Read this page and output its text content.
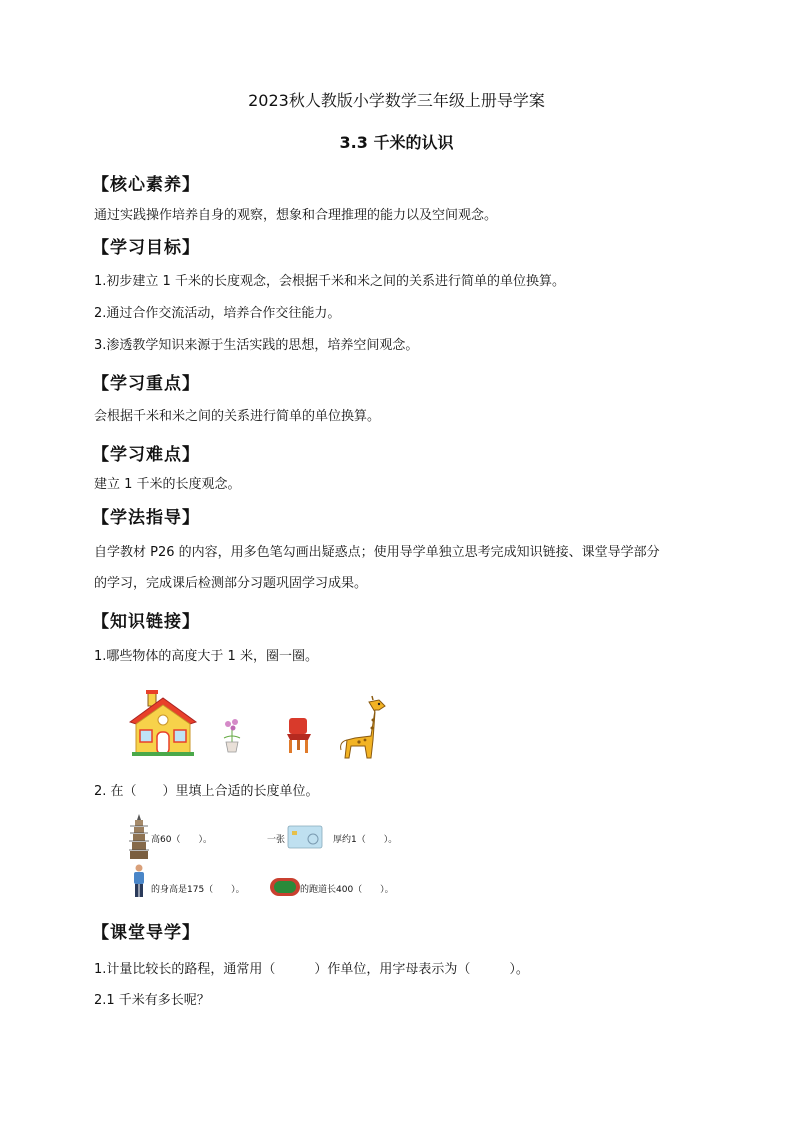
2023秋人教版小学数学三年级上册导学案
3.3 千米的认识
【核心素养】
通过实践操作培养自身的观察，想象和合理推理的能力以及空间观念。
【学习目标】
1.初步建立 1 千米的长度观念，会根据千米和米之间的关系进行简单的单位换算。
2.通过合作交流活动，培养合作交往能力。
3.渗透教学知识来源于生活实践的思想，培养空间观念。
【学习重点】
会根据千米和米之间的关系进行简单的单位换算。
【学习难点】
建立 1 千米的长度观念。
【学法指导】
自学教材 P26 的内容，用多色笔勾画出疑惑点；使用导学单独立思考完成知识链接、课堂导学部分
的学习，完成课后检测部分习题巩固学习成果。
【知识链接】
1.哪些物体的高度大于 1 米，圈一圈。
2. 在（　　）里填上合适的长度单位。
高60（　　）。	一张	厚约1（　　）。
的身高是175（　　）。	的跑道长400（　　）。
【课堂导学】
1.计量比较长的路程，通常用（　　　）作单位，用字母表示为（　　　）。
2.1 千米有多长呢？
